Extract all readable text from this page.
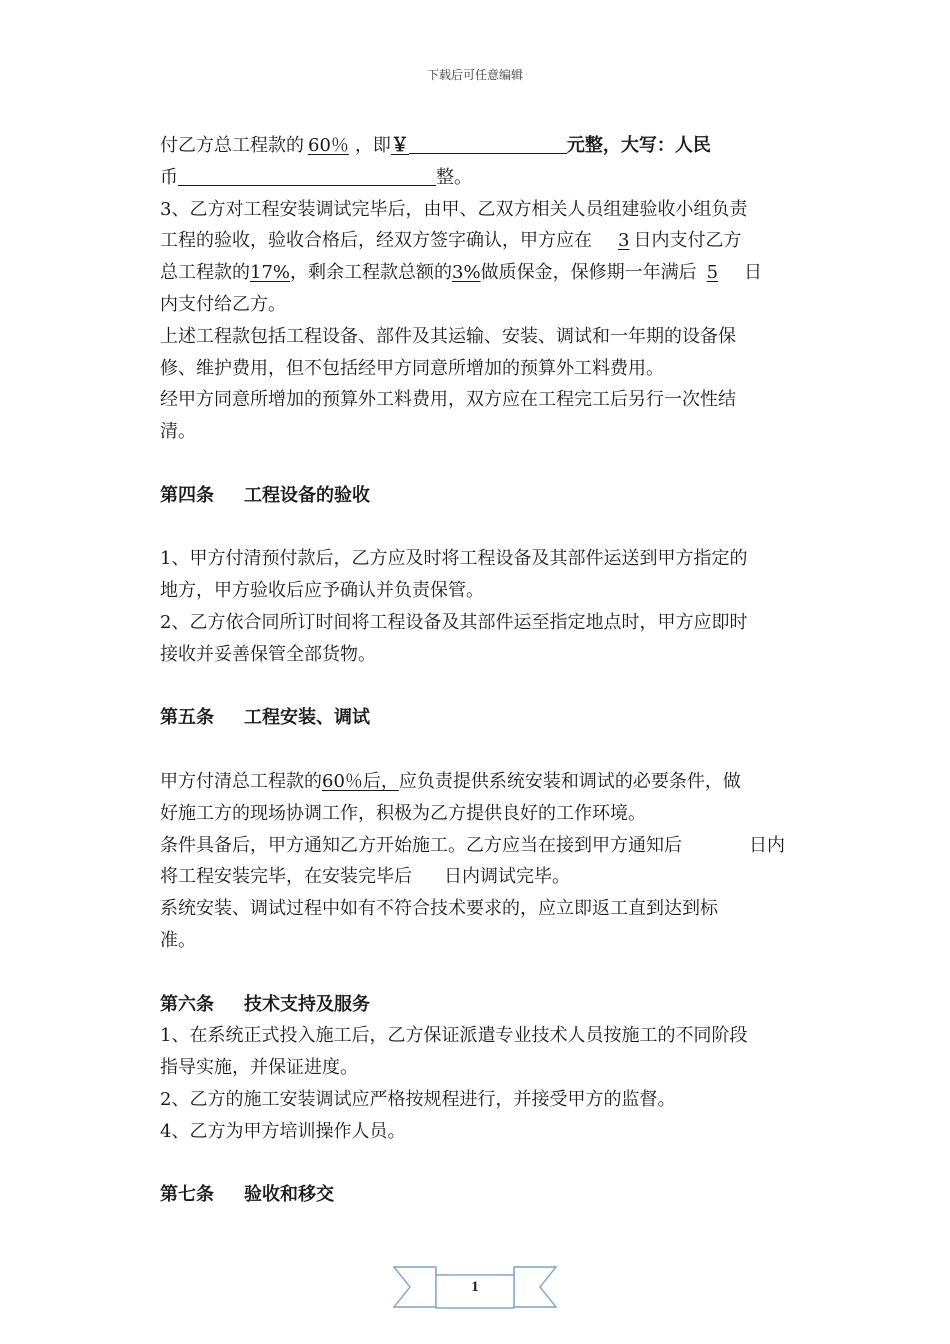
下载后可任意编辑
付乙方总工程款的 60％ ，即￥	元整，大写：人民
币	整。
3、乙方对工程安装调试完毕后，由甲、乙双方相关人员组建验收小组负责
工程的验收，验收合格后，经双方签字确认，甲方应在 3 日内支付乙方
总工程款的17%，剩余工程款总额的3%做质保金，保修期一年满后 5 日
内支付给乙方。
上述工程款包括工程设备、部件及其运输、安装、调试和一年期的设备保
修、维护费用，但不包括经甲方同意所增加的预算外工料费用。
经甲方同意所增加的预算外工料费用，双方应在工程完工后另行一次性结
清。
第四条 工程设备的验收
1、甲方付清预付款后，乙方应及时将工程设备及其部件运送到甲方指定的
地方，甲方验收后应予确认并负责保管。
2、乙方依合同所订时间将工程设备及其部件运至指定地点时，甲方应即时
接收并妥善保管全部货物。
第五条 工程安装、调试
甲方付清总工程款的60％后，应负责提供系统安装和调试的必要条件，做
好施工方的现场协调工作，积极为乙方提供良好的工作环境。
条件具备后，甲方通知乙方开始施工。乙方应当在接到甲方通知后	日内
将工程安装完毕，在安装完毕后 日内调试完毕。
系统安装、调试过程中如有不符合技术要求的，应立即返工直到达到标
准。
第六条 技术支持及服务
1、在系统正式投入施工后，乙方保证派遣专业技术人员按施工的不同阶段
指导实施，并保证进度。
2、乙方的施工安装调试应严格按规程进行，并接受甲方的监督。
4、乙方为甲方培训操作人员。
第七条 验收和移交
1
